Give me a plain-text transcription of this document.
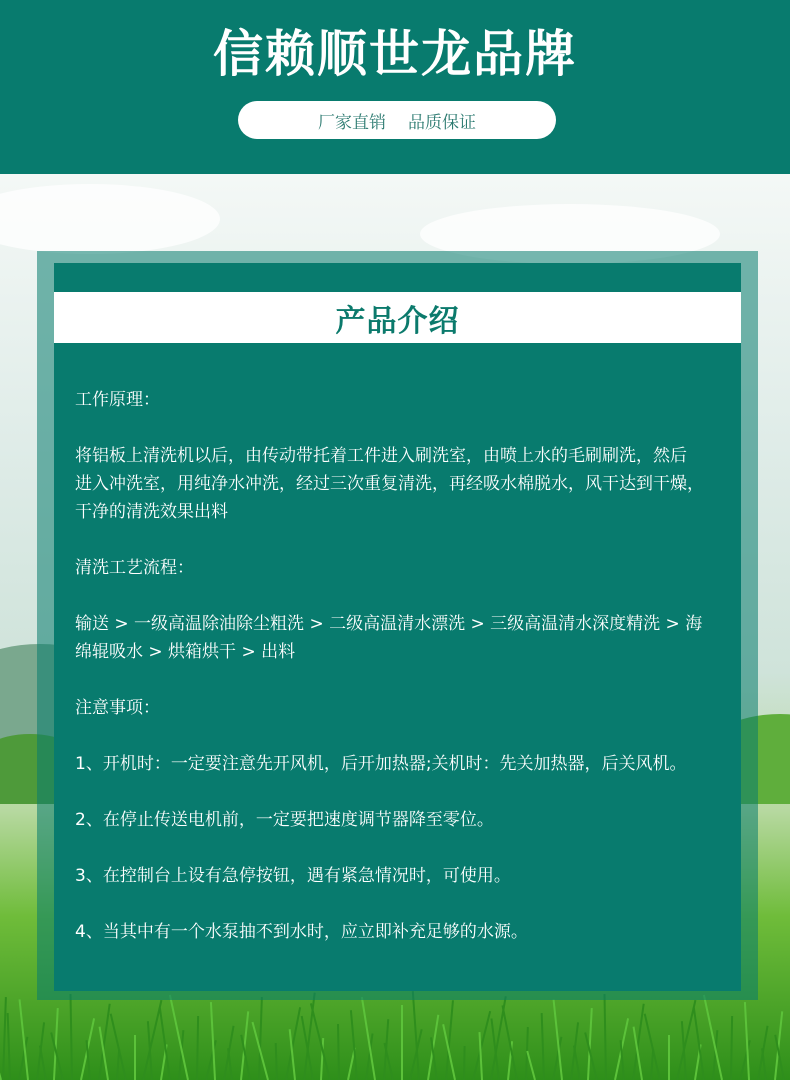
信赖顺世龙品牌
厂家直销 品质保证
产品介绍

工作原理：

将铝板上清洗机以后，由传动带托着工件进入刷洗室，由喷上水的毛刷刷洗，然后

进入冲洗室，用纯净水冲洗，经过三次重复清洗，再经吸水棉脱水，风干达到干燥，

干净的清洗效果出料

清洗工艺流程：

输送 > 一级高温除油除尘粗洗 > 二级高温清水漂洗 > 三级高温清水深度精洗 > 海

绵辊吸水 > 烘箱烘干 > 出料

注意事项：

1、开机时：一定要注意先开风机，后开加热器;关机时：先关加热器，后关风机。

2、在停止传送电机前，一定要把速度调节器降至零位。

3、在控制台上设有急停按钮，遇有紧急情况时，可使用。

4、当其中有一个水泵抽不到水时，应立即补充足够的水源。
